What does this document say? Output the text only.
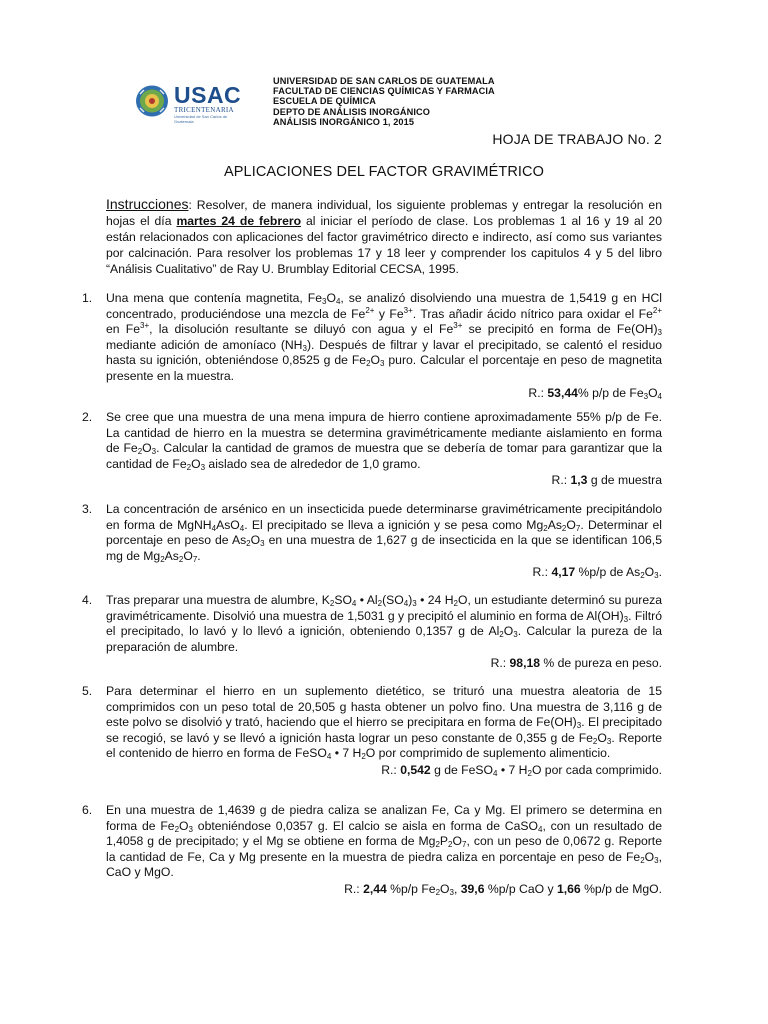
USAC
TRICENTENARIA
Universidad de San Carlos de Guatemala
UNIVERSIDAD DE SAN CARLOS DE GUATEMALA
FACULTAD DE CIENCIAS QUÍMICAS Y FARMACIA
ESCUELA DE QUÍMICA
DEPTO DE ANÁLISIS INORGÁNICO
ANÁLISIS INORGÁNICO 1, 2015
HOJA DE TRABAJO No. 2
APLICACIONES DEL FACTOR GRAVIMÉTRICO
Instrucciones: Resolver, de manera individual, los siguiente problemas y entregar la resolución en hojas el día martes 24 de febrero al iniciar el período de clase. Los problemas 1 al 16 y 19 al 20 están relacionados con aplicaciones del factor gravimétrico directo e indirecto, así como sus variantes por calcinación. Para resolver los problemas 17 y 18 leer y comprender los capitulos 4 y 5 del libro “Análisis Cualitativo” de Ray U. Brumblay Editorial CECSA, 1995.
1. Una mena que contenía magnetita, $Fe_3O_4$, se analizó disolviendo una muestra de 1,5419 g en HCl concentrado, produciéndose una mezcla de $Fe^{2+}$ y $Fe^{3+}$. Tras añadir ácido nítrico para oxidar el $Fe^{2+}$ en $Fe^{3+}$, la disolución resultante se diluyó con agua y el $Fe^{3+}$ se precipitó en forma de $Fe(OH)_3$ mediante adición de amoníaco $(NH_3)$. Después de filtrar y lavar el precipitado, se calentó el residuo hasta su ignición, obteniéndose 0,8525 g de $Fe_2O_3$ puro. Calcular el porcentaje en peso de magnetita presente en la muestra.
R.: 53,44% p/p de $Fe_3O_4$
2. Se cree que una muestra de una mena impura de hierro contiene aproximadamente 55% p/p de Fe. La cantidad de hierro en la muestra se determina gravimétricamente mediante aislamiento en forma de $Fe_2O_3$. Calcular la cantidad de gramos de muestra que se debería de tomar para garantizar que la cantidad de $Fe_2O_3$ aislado sea de alrededor de 1,0 gramo.
R.: 1,3 g de muestra
3. La concentración de arsénico en un insecticida puede determinarse gravimétricamente precipitándolo en forma de MgNH$_4$AsO$_4$. El precipitado se lleva a ignición y se pesa como $Mg_2As_2O_7$. Determinar el porcentaje en peso de $As_2O_3$ en una muestra de 1,627 g de insecticida en la que se identifican 106,5 mg de $Mg_2As_2O_7$.
R.: 4,17 %p/p de $As_2O_3$.
4. Tras preparar una muestra de alumbre, $K_2SO_4$ • $Al_2(SO_4)_3$ • 24 $H_2O$, un estudiante determinó su pureza gravimétricamente. Disolvió una muestra de 1,5031 g y precipitó el aluminio en forma de $Al(OH)_3$. Filtró el precipitado, lo lavó y lo llevó a ignición, obteniendo 0,1357 g de $Al_2O_3$. Calcular la pureza de la preparación de alumbre.
R.: 98,18 % de pureza en peso.
5. Para determinar el hierro en un suplemento dietético, se trituró una muestra aleatoria de 15 comprimidos con un peso total de 20,505 g hasta obtener un polvo fino. Una muestra de 3,116 g de este polvo se disolvió y trató, haciendo que el hierro se precipitara en forma de $Fe(OH)_3$. El precipitado se recogió, se lavó y se llevó a ignición hasta lograr un peso constante de 0,355 g de $Fe_2O_3$. Reporte el contenido de hierro en forma de FeSO$_4$ • 7 $H_2O$ por comprimido de suplemento alimenticio.
R.: 0,542 g de FeSO$_4$ • 7 $H_2O$ por cada comprimido.
6. En una muestra de 1,4639 g de piedra caliza se analizan Fe, Ca y Mg. El primero se determina en forma de $Fe_2O_3$ obteniéndose 0,0357 g. El calcio se aisla en forma de CaSO$_4$, con un resultado de 1,4058 g de precipitado; y el Mg se obtiene en forma de $Mg_2P_2O_7$, con un peso de 0,0672 g. Reporte la cantidad de Fe, Ca y Mg presente en la muestra de piedra caliza en porcentaje en peso de $Fe_2O_3$, CaO y MgO.
R.: 2,44 %p/p $Fe_2O_3$, 39,6 %p/p CaO y 1,66 %p/p de MgO.
